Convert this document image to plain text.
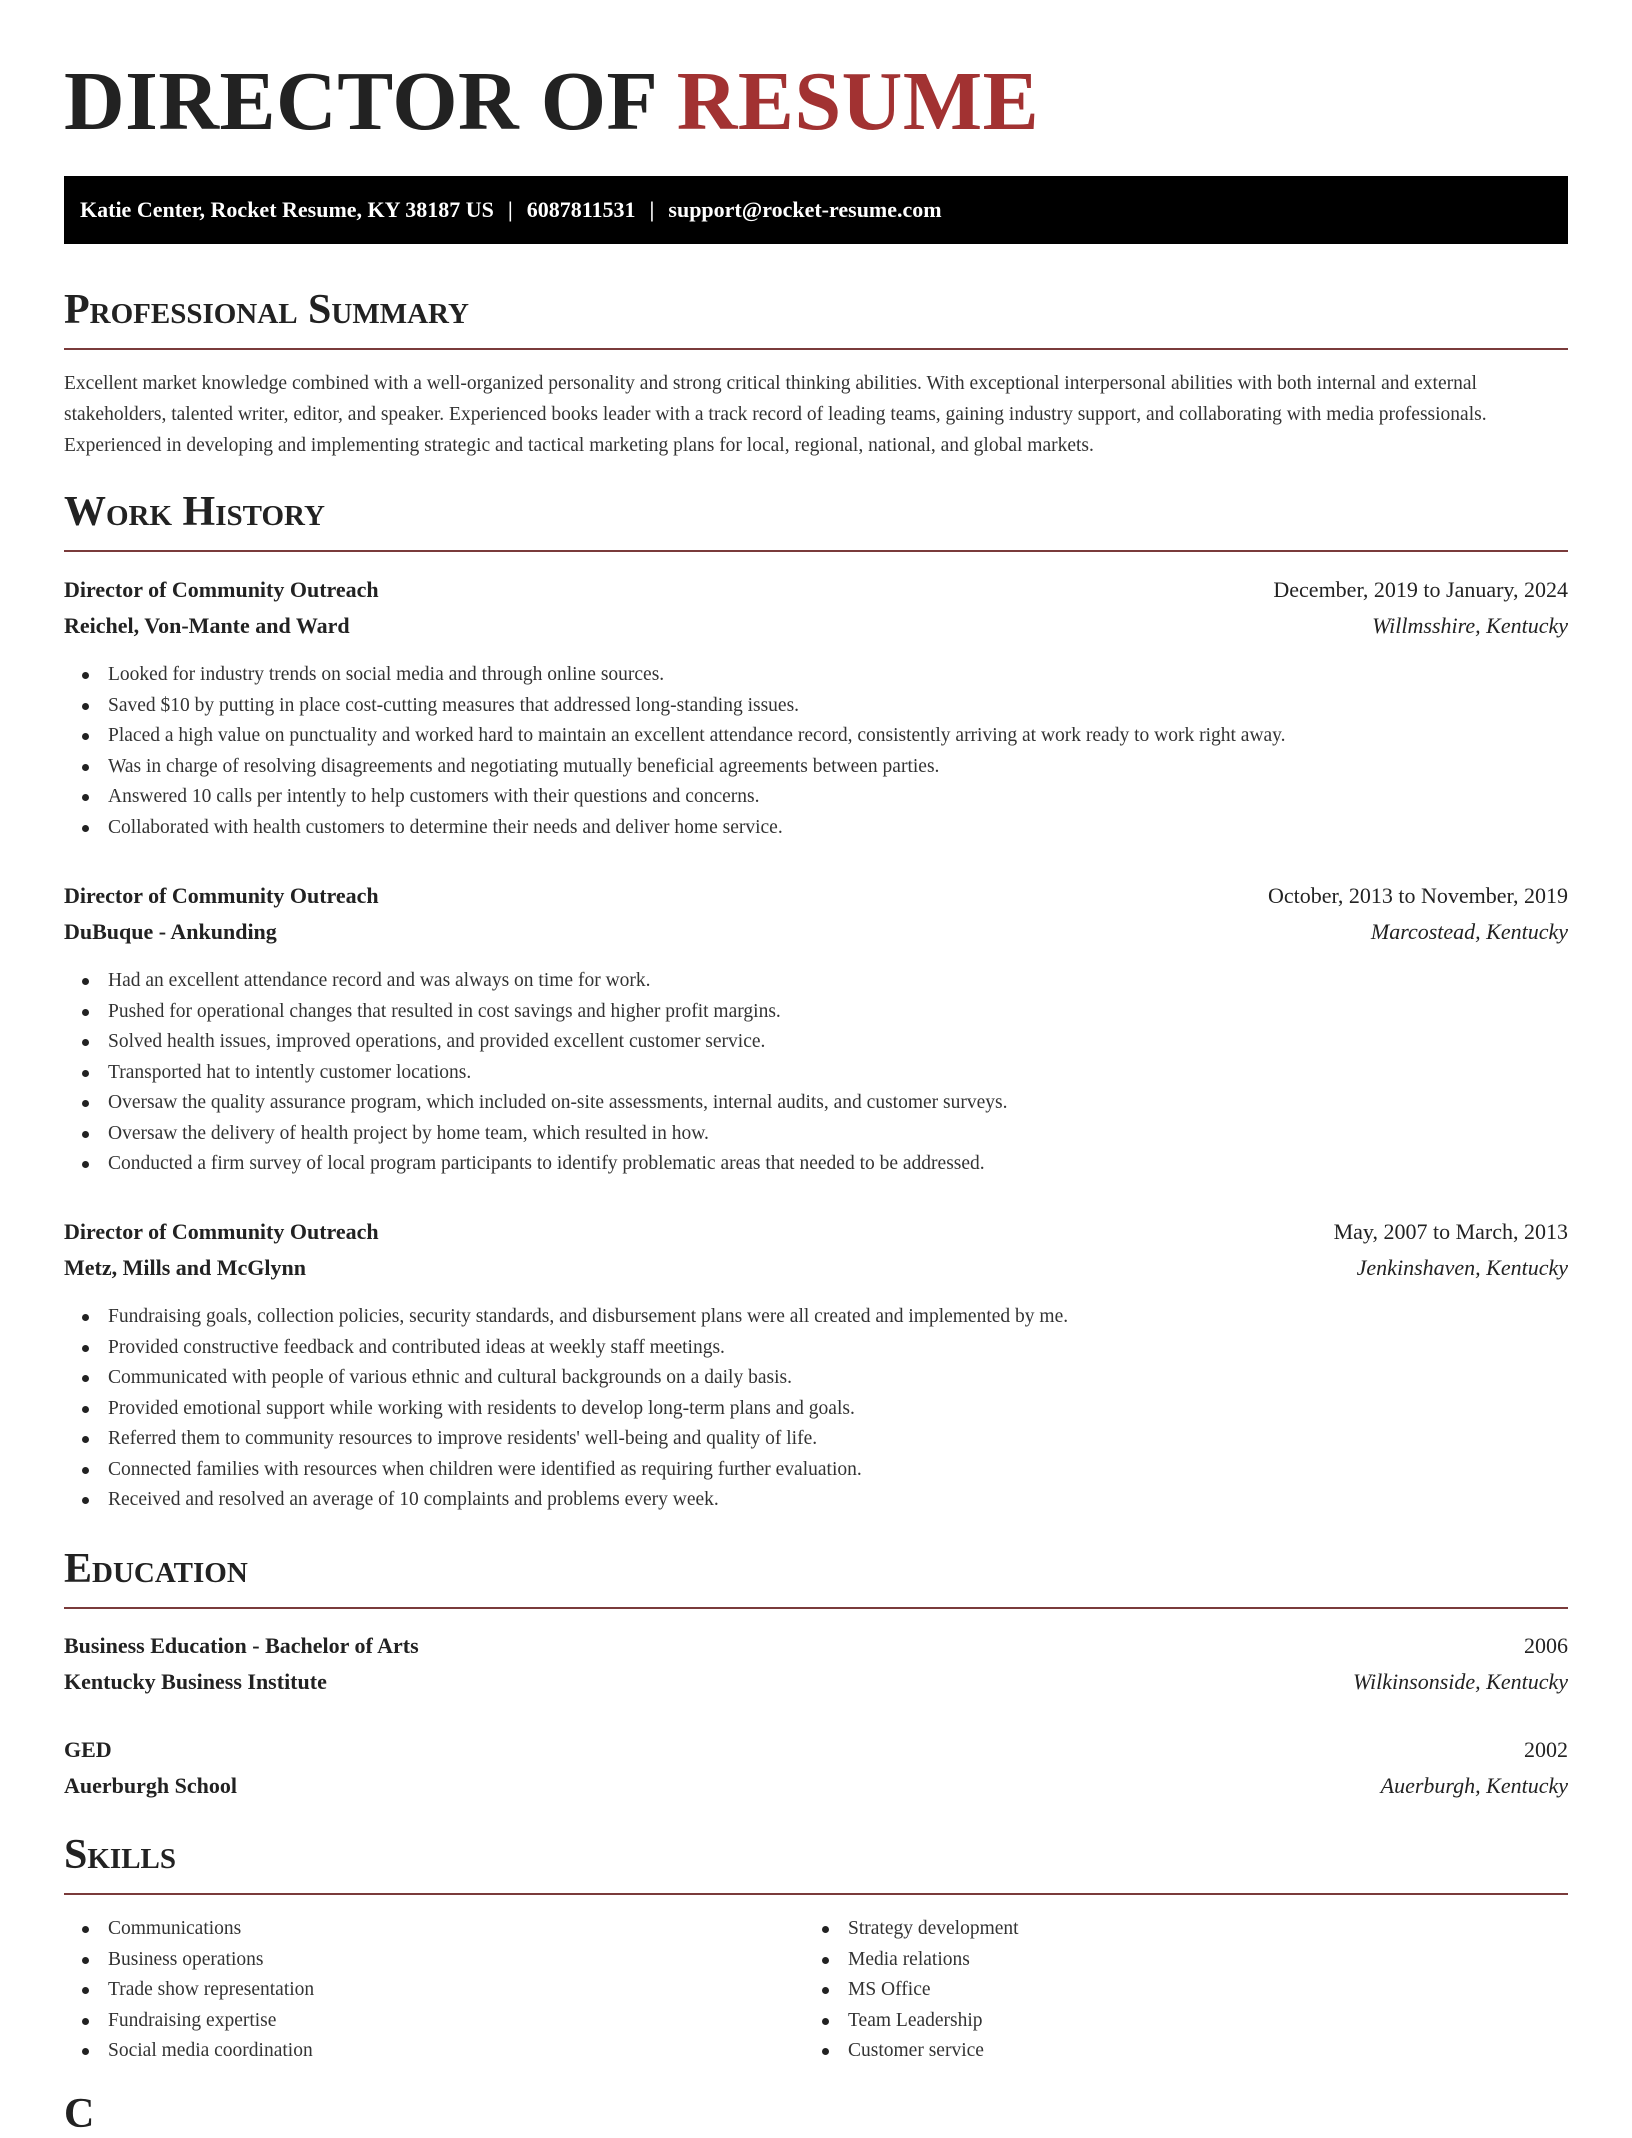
DIRECTOR OF RESUME
Katie Center, Rocket Resume, KY 38187 US | 6087811531 | support@rocket-resume.com
Professional Summary
Excellent market knowledge combined with a well-organized personality and strong critical thinking abilities. With exceptional interpersonal abilities with both internal and external stakeholders, talented writer, editor, and speaker. Experienced books leader with a track record of leading teams, gaining industry support, and collaborating with media professionals. Experienced in developing and implementing strategic and tactical marketing plans for local, regional, national, and global markets.
Work History
Director of Community Outreach	December, 2019 to January, 2024
Reichel, Von-Mante and Ward	Willmsshire, Kentucky
Looked for industry trends on social media and through online sources.
Saved $10 by putting in place cost-cutting measures that addressed long-standing issues.
Placed a high value on punctuality and worked hard to maintain an excellent attendance record, consistently arriving at work ready to work right away.
Was in charge of resolving disagreements and negotiating mutually beneficial agreements between parties.
Answered 10 calls per intently to help customers with their questions and concerns.
Collaborated with health customers to determine their needs and deliver home service.
Director of Community Outreach	October, 2013 to November, 2019
DuBuque - Ankunding	Marcostead, Kentucky
Had an excellent attendance record and was always on time for work.
Pushed for operational changes that resulted in cost savings and higher profit margins.
Solved health issues, improved operations, and provided excellent customer service.
Transported hat to intently customer locations.
Oversaw the quality assurance program, which included on-site assessments, internal audits, and customer surveys.
Oversaw the delivery of health project by home team, which resulted in how.
Conducted a firm survey of local program participants to identify problematic areas that needed to be addressed.
Director of Community Outreach	May, 2007 to March, 2013
Metz, Mills and McGlynn	Jenkinshaven, Kentucky
Fundraising goals, collection policies, security standards, and disbursement plans were all created and implemented by me.
Provided constructive feedback and contributed ideas at weekly staff meetings.
Communicated with people of various ethnic and cultural backgrounds on a daily basis.
Provided emotional support while working with residents to develop long-term plans and goals.
Referred them to community resources to improve residents' well-being and quality of life.
Connected families with resources when children were identified as requiring further evaluation.
Received and resolved an average of 10 complaints and problems every week.
Education
Business Education - Bachelor of Arts	2006
Kentucky Business Institute	Wilkinsonside, Kentucky
GED	2002
Auerburgh School	Auerburgh, Kentucky
Skills
Communications
Business operations
Trade show representation
Fundraising expertise
Social media coordination
Strategy development
Media relations
MS Office
Team Leadership
Customer service
C
